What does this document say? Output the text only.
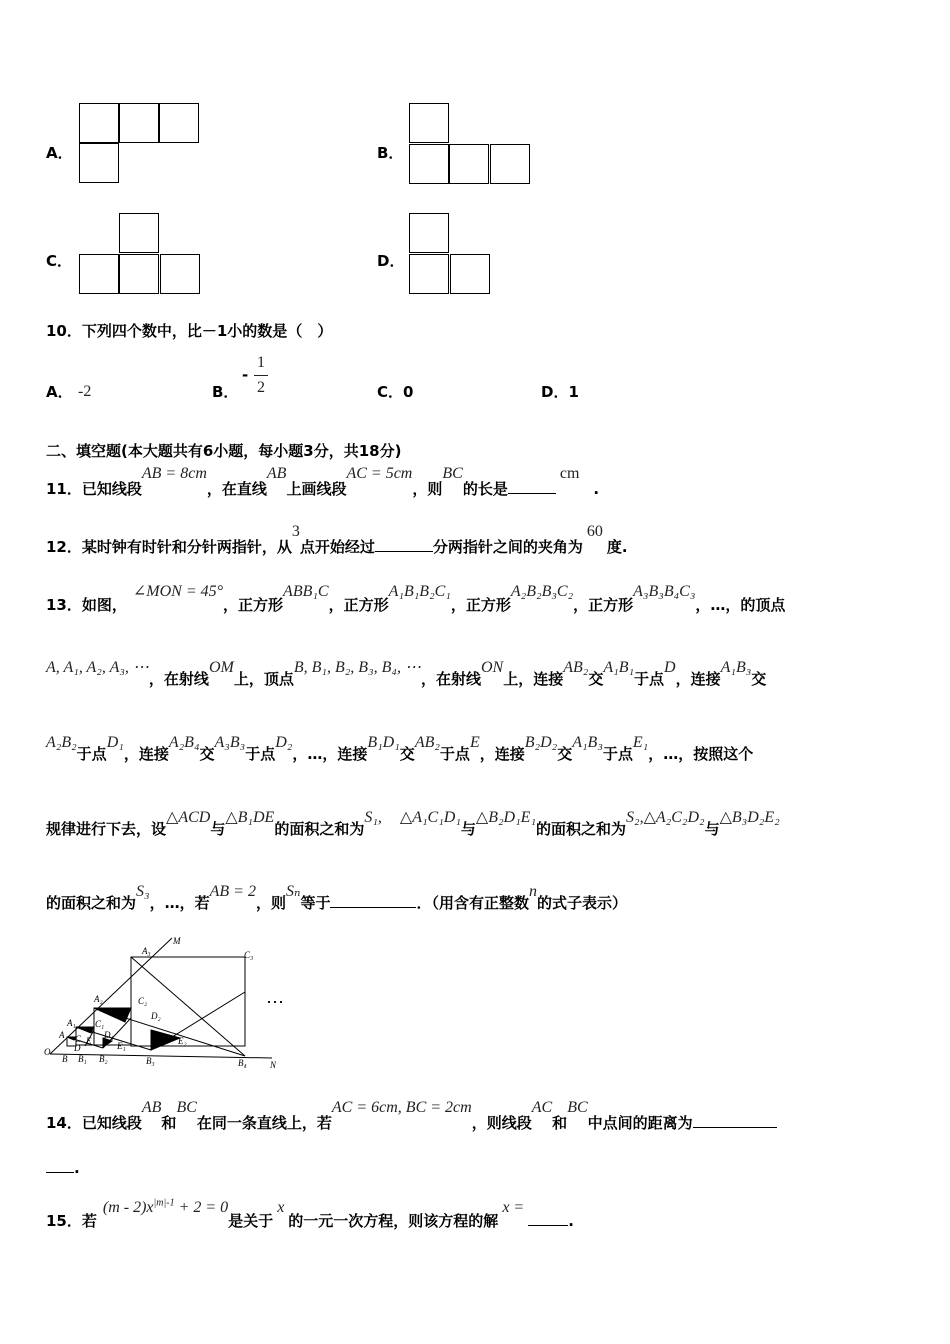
A．	B．
C．	D．
10．下列四个数中，比－1小的数是（　）
A． -2	B．
-
1
2	C．0	D．1
二、填空题(本大题共有6小题，每小题3分，共18分)
11．已知线段AB = 8cm，在直线AB上画线段AC = 5cm，则BC的长是cm.
12．某时钟有时针和分针两指针，从3点开始经过	分两指针之间的夹角为60度.
13．如图，∠MON = 45°，正方形ABB₁C，正方形A₁B₁B₂C₁，正方形A₂B₂B₃C₂，正方形A₃B₃B₄C₃，…，的顶点
A, A₁, A₂, A₃, ⋯，在射线OM上，顶点B, B₁, B₂, B₃, B₄, ⋯，在射线ON上，连接AB₂交A₁B₁于点D，连接A₁B₃交
A₂B₂于点D₁，连接A₂B₄交A₃B₃于点D₂，…，连接B₁D₁交AB₂于点E，连接B₂D₂交A₁B₃于点E₁，…，按照这个
规律进行下去，设△ACD与△B₁DE的面积之和为S₁, △A₁C₁D₁与△B₂D₁E₁的面积之和为S₂,△A₂C₂D₂与△B₃D₂E₂
的面积之和为S₃，…，若AB = 2，则Sₙ等于	．（用含有正整数n的式子表示）
O
B B₁ B₂	B₃	B₄	N
M
A
A₁
A₂
A₃
C
C₁
C₂
C₃
D
D₁
D₂
E	E₁	E₂
⋯
14．已知线段AB和BC在同一条直线上，若AC = 6cm, BC = 2cm，则线段AC和BC中点间的距离为
.
15．若$(m - 2)x^{|m|-1} + 2 = 0$是关于x的一元一次方程，则该方程的解x =.
